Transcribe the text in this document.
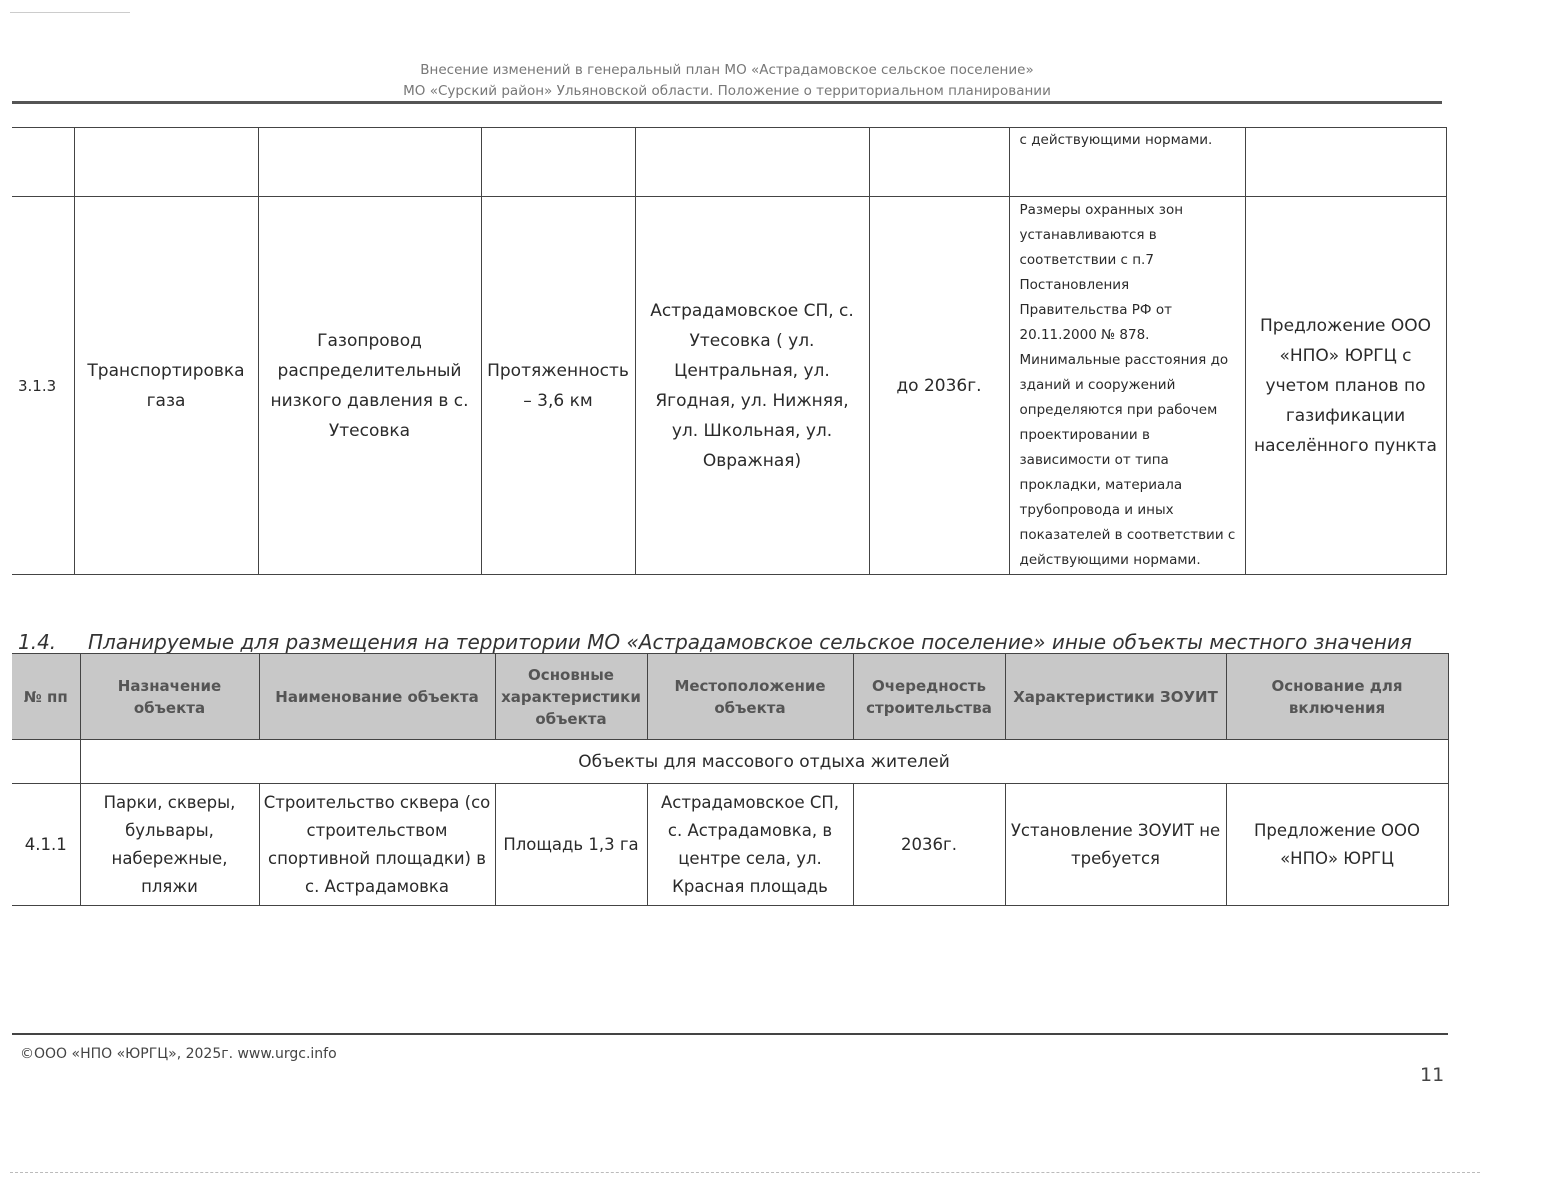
Внесение изменений в генеральный план МО «Астрадамовское сельское поселение»
МО «Сурский район» Ульяновской области. Положение о территориальном планировании
						с действующими нормами.	
3.1.3	Транспортировка газа	Газопровод распределительный низкого давления в с. Утесовка	Протяженность – 3,6 км	Астрадамовское СП, с. Утесовка ( ул. Центральная, ул. Ягодная, ул. Нижняя, ул. Школьная, ул. Овражная)	до 2036г.	Размеры охранных зон устанавливаются в соответствии с п.7 Постановления Правительства РФ от 20.11.2000 № 878. Минимальные расстояния до зданий и сооружений определяются при рабочем проектировании в зависимости от типа прокладки, материала трубопровода и иных показателей в соответствии с действующими нормами.	Предложение ООО «НПО» ЮРГЦ с учетом планов по газификации населённого пункта
1.4. Планируемые для размещения на территории МО «Астрадамовское сельское поселение» иные объекты местного значения
№ пп	Назначение объекта	Наименование объекта	Основные характеристики объекта	Местоположение объекта	Очередность строительства	Характеристики ЗОУИТ	Основание для включения
	Объекты для массового отдыха жителей						
4.1.1	Парки, скверы, бульвары, набережные, пляжи	Строительство сквера (со строительством спортивной площадки) в с. Астрадамовка	Площадь 1,3 га	Астрадамовское СП, с. Астрадамовка, в центре села, ул. Красная площадь	2036г.	Установление ЗОУИТ не требуется	Предложение ООО «НПО» ЮРГЦ
©ООО «НПО «ЮРГЦ», 2025г. www.urgc.info
11
